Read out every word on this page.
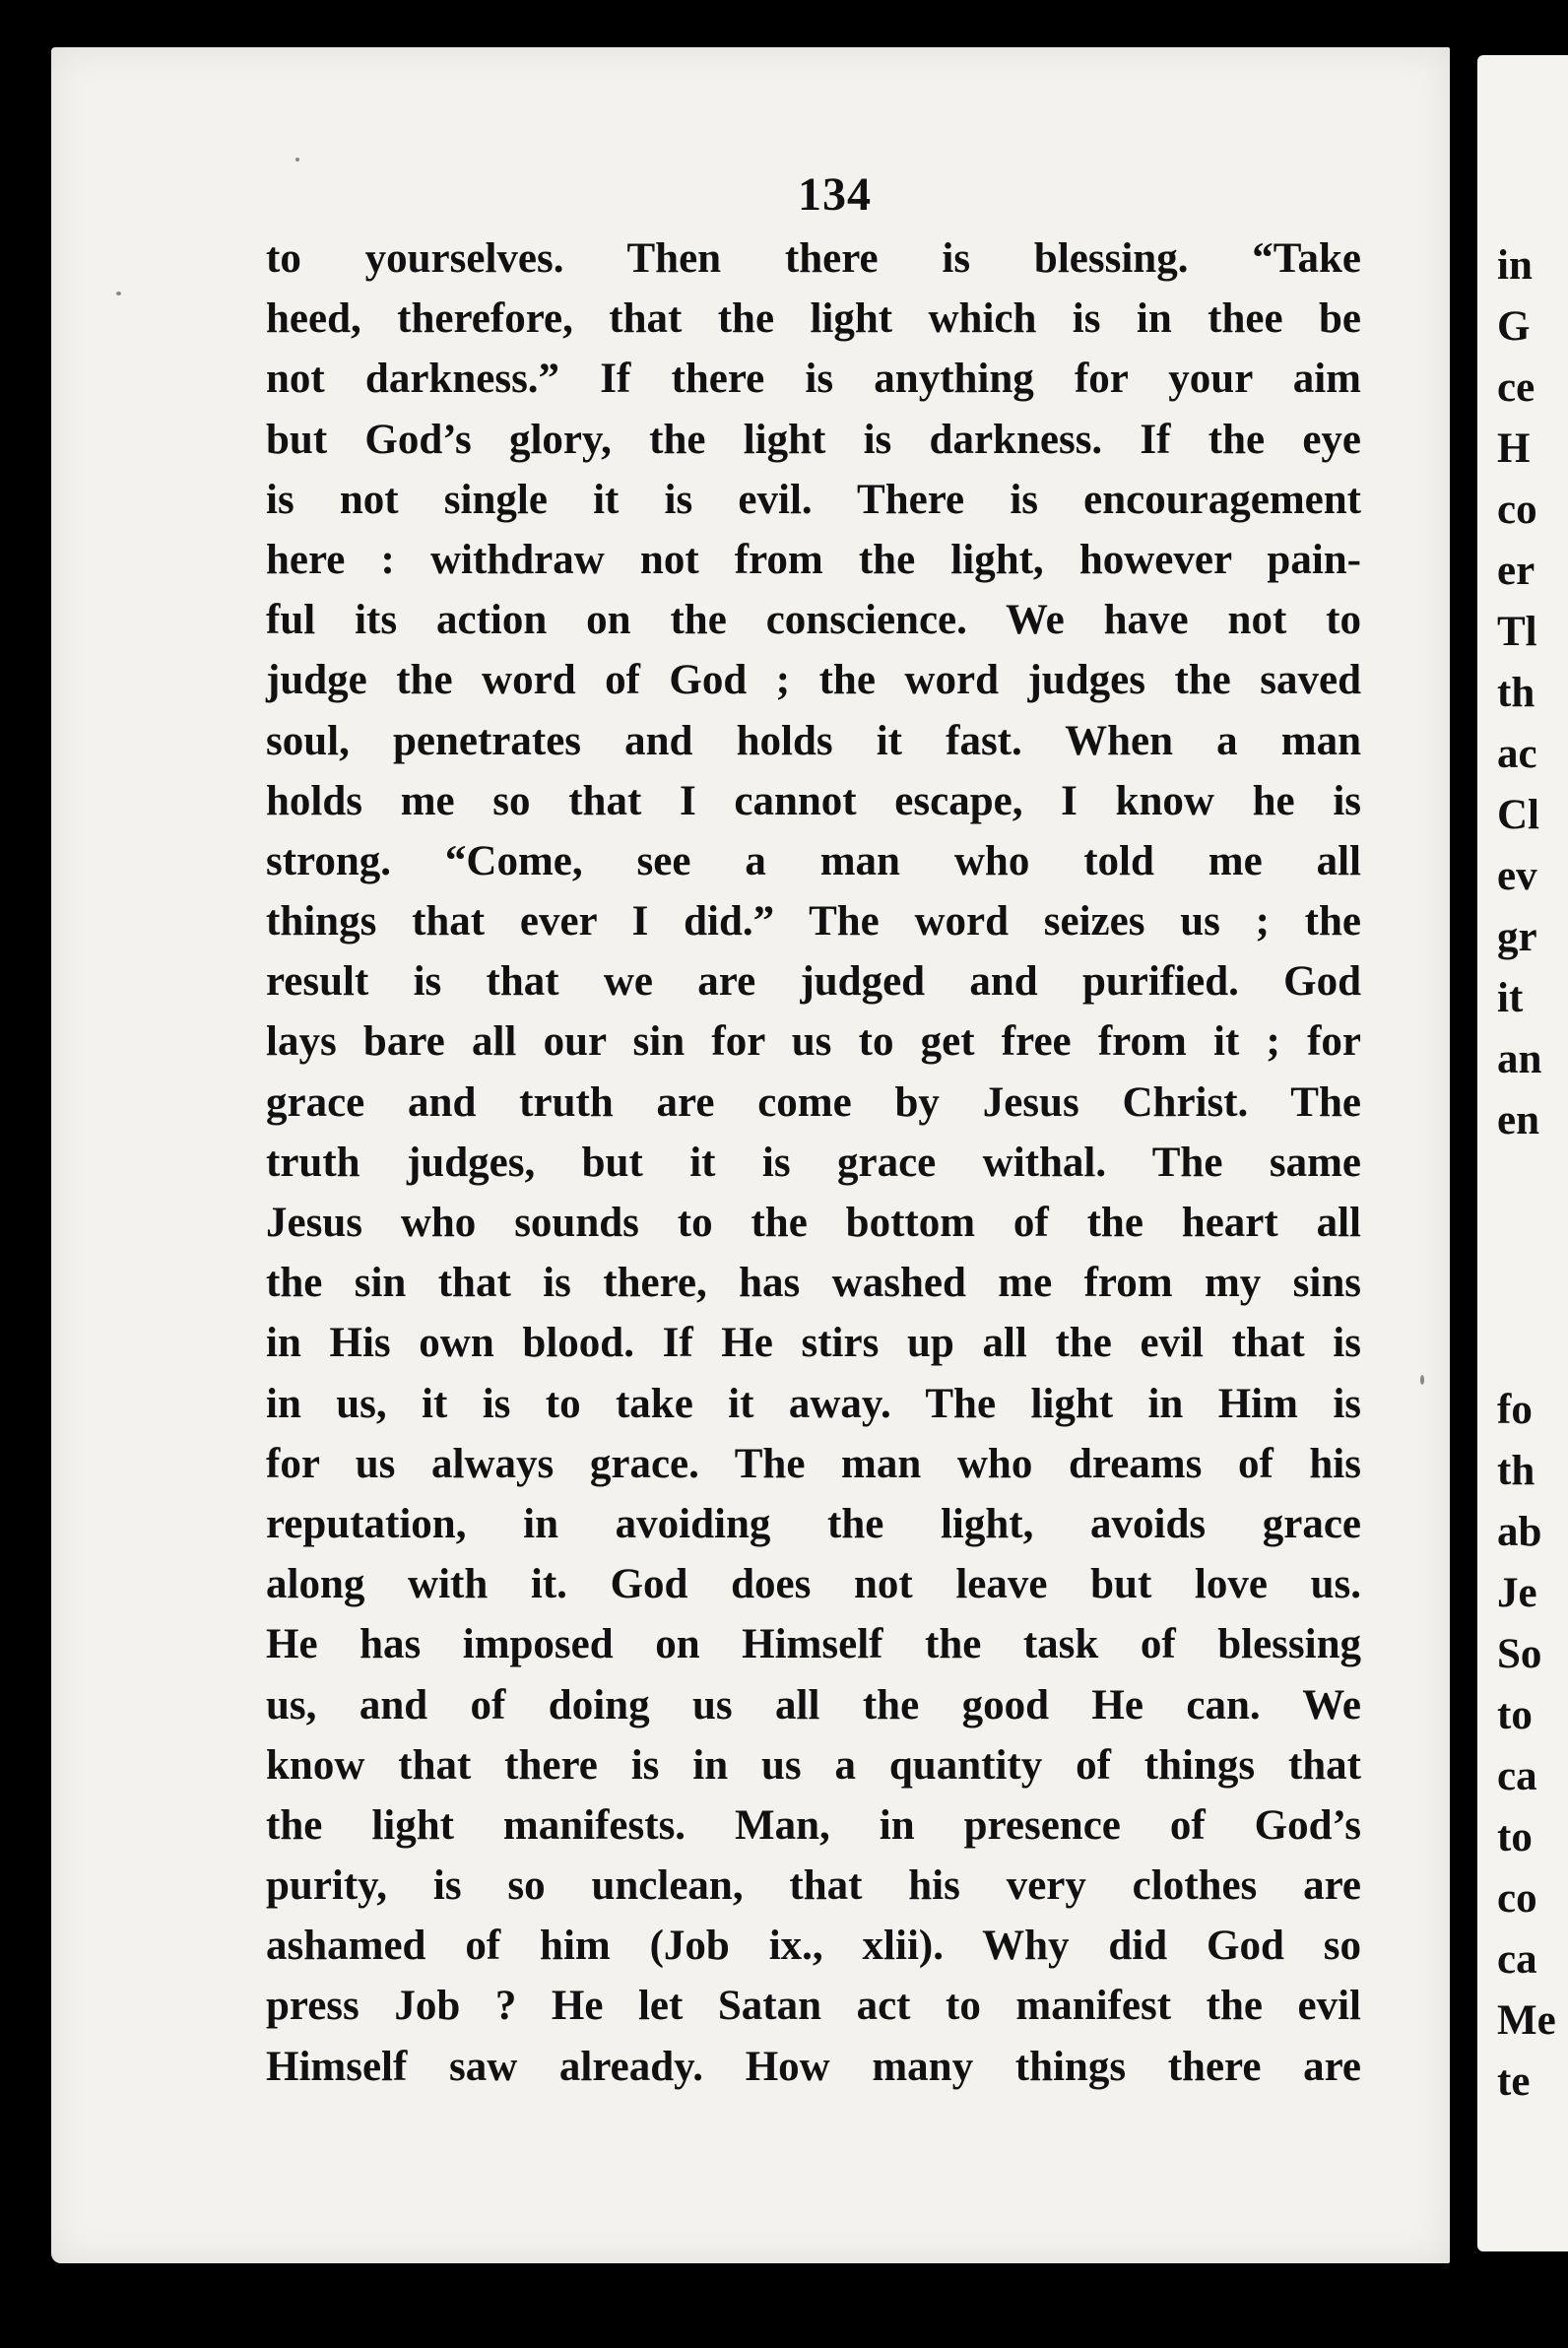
134
to yourselves. Then there is blessing. “Take
heed, therefore, that the light which is in thee be
not darkness.” If there is anything for your aim
but God’s glory, the light is darkness. If the eye
is not single it is evil. There is encouragement
here : withdraw not from the light, however pain-
ful its action on the conscience. We have not to
judge the word of God ; the word judges the saved
soul, penetrates and holds it fast. When a man
holds me so that I cannot escape, I know he is
strong. “Come, see a man who told me all
things that ever I did.” The word seizes us ; the
result is that we are judged and purified. God
lays bare all our sin for us to get free from it ; for
grace and truth are come by Jesus Christ. The
truth judges, but it is grace withal. The same
Jesus who sounds to the bottom of the heart all
the sin that is there, has washed me from my sins
in His own blood. If He stirs up all the evil that is
in us, it is to take it away. The light in Him is
for us always grace. The man who dreams of his
reputation, in avoiding the light, avoids grace
along with it. God does not leave but love us.
He has imposed on Himself the task of blessing
us, and of doing us all the good He can. We
know that there is in us a quantity of things that
the light manifests. Man, in presence of God’s
purity, is so unclean, that his very clothes are
ashamed of him (Job ix., xlii). Why did God so
press Job ? He let Satan act to manifest the evil
Himself saw already. How many things there are
in
G
ce
H
co
er
Tl
th
ac
Cl
ev
gr
it
an
en
fo
th
ab
Je
So
to
ca
to
co
ca
Me
te
